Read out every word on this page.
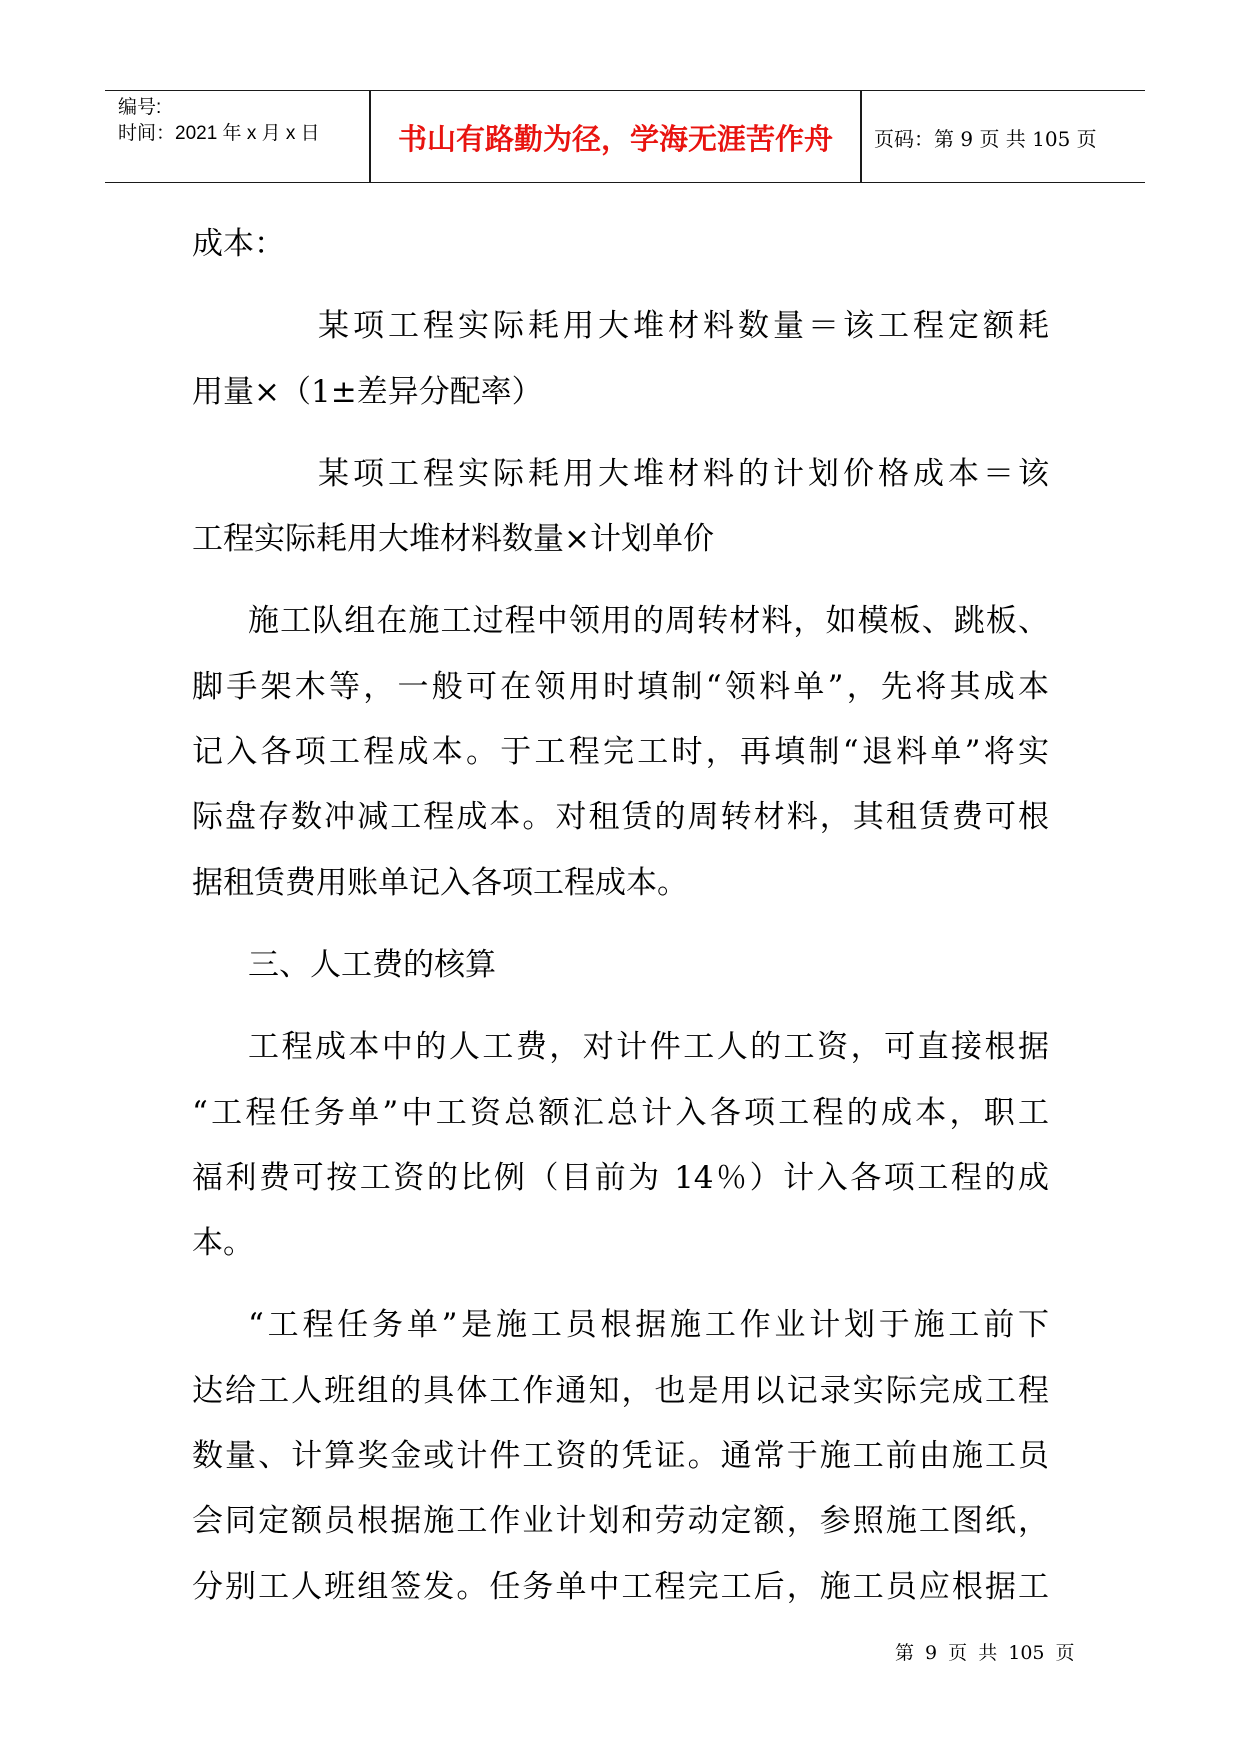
编号:
时间：2021 年 x 月 x 日	书山有路勤为径，学海无涯苦作舟	页码：第 9 页 共 105 页
成本：
某项工程实际耗用大堆材料数量＝该工程定额耗
用量×（1±差异分配率）
某项工程实际耗用大堆材料的计划价格成本＝该
工程实际耗用大堆材料数量×计划单价
施工队组在施工过程中领用的周转材料，如模板、跳板、
脚手架木等，一般可在领用时填制“领料单”，先将其成本
记入各项工程成本。于工程完工时，再填制“退料单”将实
际盘存数冲减工程成本。对租赁的周转材料，其租赁费可根
据租赁费用账单记入各项工程成本。
三、人工费的核算
工程成本中的人工费，对计件工人的工资，可直接根据
“工程任务单”中工资总额汇总计入各项工程的成本，职工
福利费可按工资的比例（目前为 14％）计入各项工程的成
本。
“工程任务单”是施工员根据施工作业计划于施工前下
达给工人班组的具体工作通知，也是用以记录实际完成工程
数量、计算奖金或计件工资的凭证。通常于施工前由施工员
会同定额员根据施工作业计划和劳动定额，参照施工图纸，
分别工人班组签发。任务单中工程完工后，施工员应根据工
第 9 页 共 105 页
